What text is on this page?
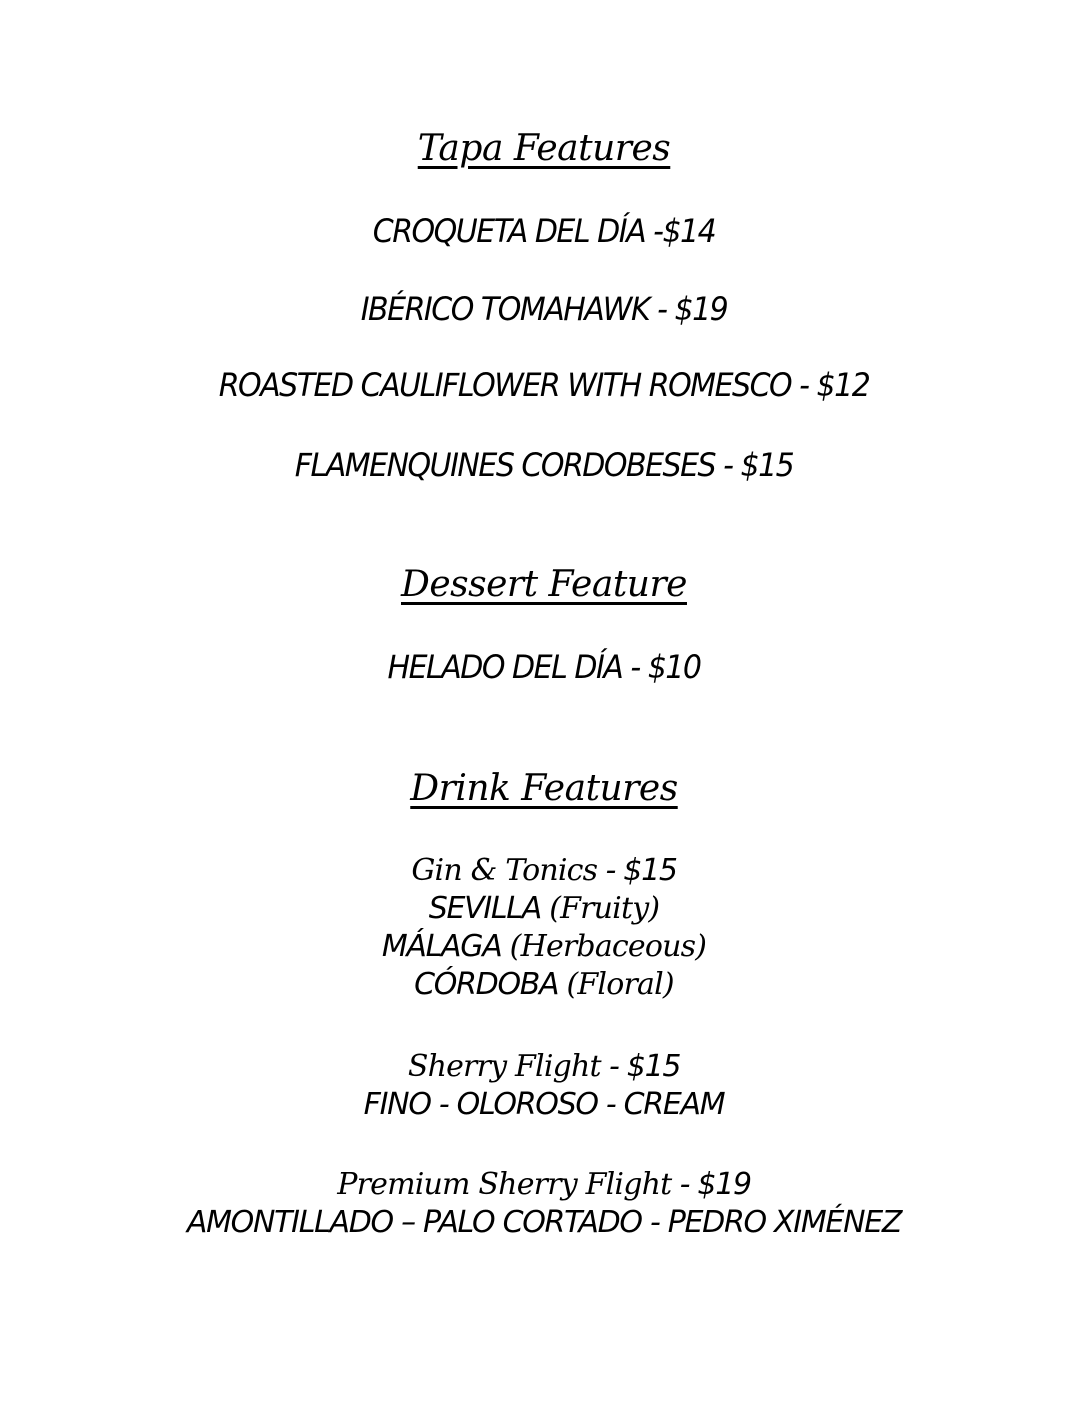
Tapa Features
CROQUETA DEL DÍA -$14
IBÉRICO TOMAHAWK - $19
ROASTED CAULIFLOWER WITH ROMESCO - $12
FLAMENQUINES CORDOBESES - $15
Dessert Feature
HELADO DEL DÍA - $10
Drink Features
Gin & Tonics - $15
SEVILLA (Fruity)
MÁLAGA (Herbaceous)
CÓRDOBA (Floral)
Sherry Flight - $15
FINO - OLOROSO - CREAM
Premium Sherry Flight - $19
AMONTILLADO – PALO CORTADO - PEDRO XIMÉNEZ
